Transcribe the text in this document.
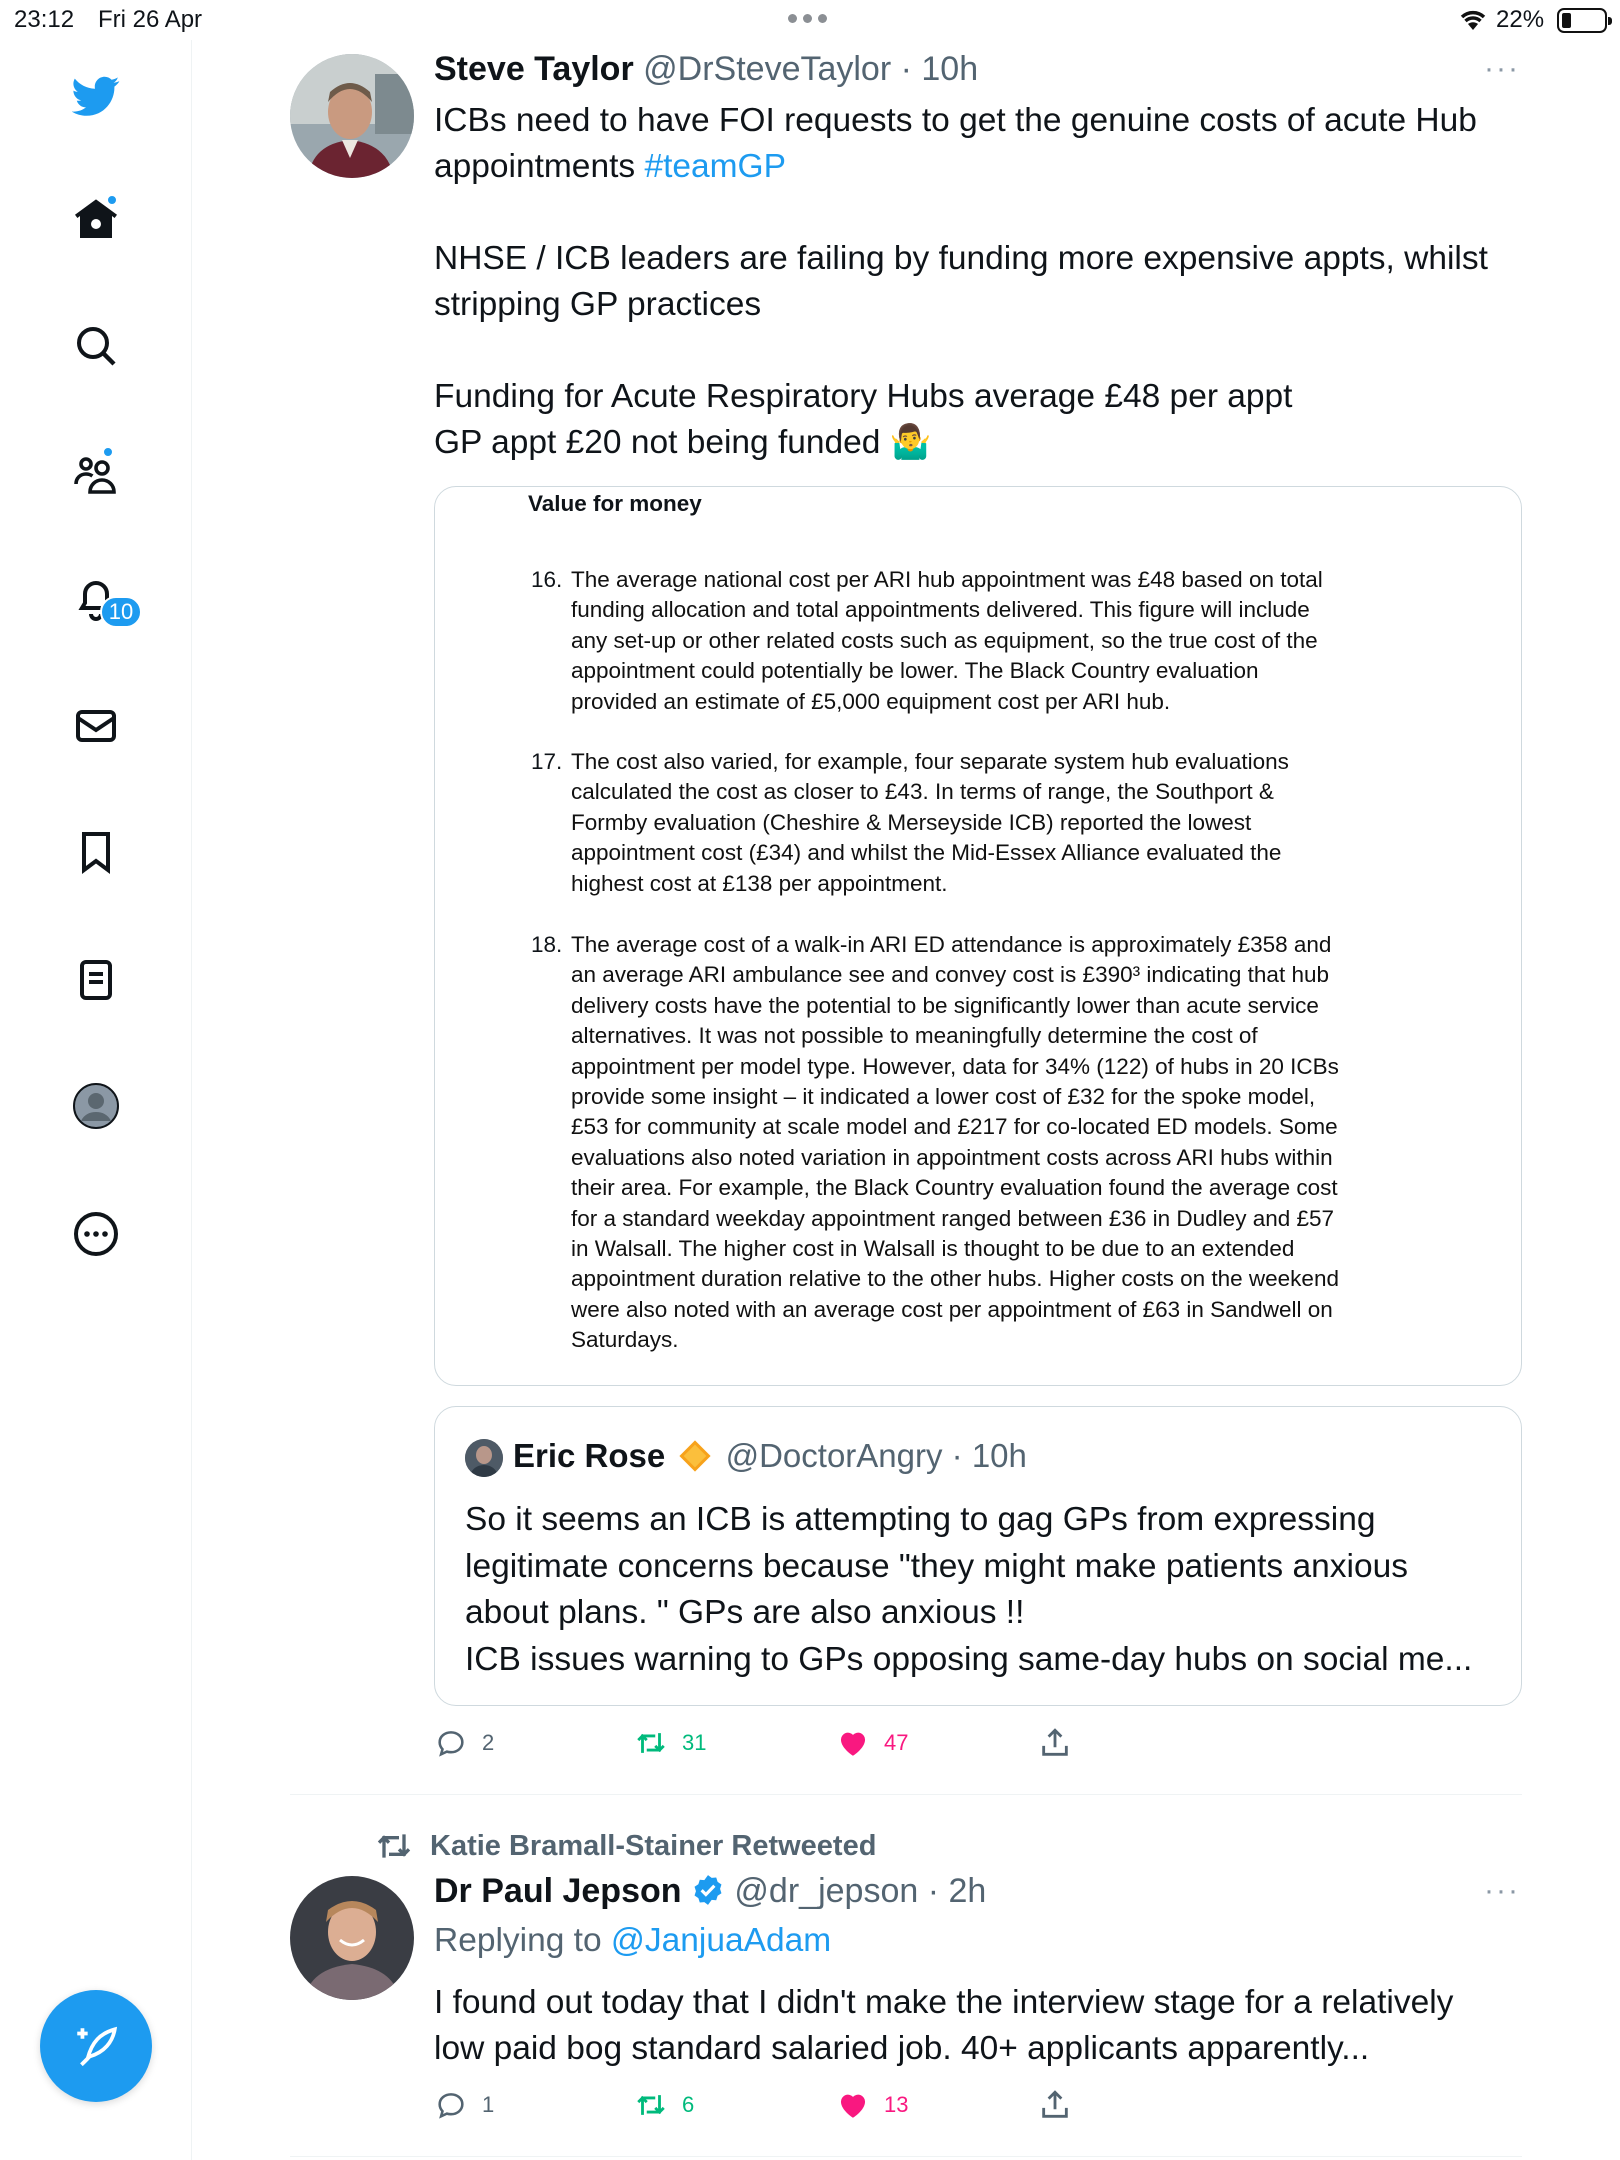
23:12 Fri 26 Apr	22%
10
Steve Taylor @DrSteveTaylor · 10h	···
ICBs need to have FOI requests to get the genuine costs of acute Hub
appointments #teamGP
NHSE / ICB leaders are failing by funding more expensive appts, whilst
stripping GP practices
Funding for Acute Respiratory Hubs average £48 per appt
GP appt £20 not being funded 🤷‍♂️
Value for money
16. The average national cost per ARI hub appointment was £48 based on total
funding allocation and total appointments delivered. This figure will include
any set-up or other related costs such as equipment, so the true cost of the
appointment could potentially be lower. The Black Country evaluation
provided an estimate of £5,000 equipment cost per ARI hub.
17. The cost also varied, for example, four separate system hub evaluations
calculated the cost as closer to £43. In terms of range, the Southport &
Formby evaluation (Cheshire & Merseyside ICB) reported the lowest
appointment cost (£34) and whilst the Mid-Essex Alliance evaluated the
highest cost at £138 per appointment.
18. The average cost of a walk-in ARI ED attendance is approximately £358 and
an average ARI ambulance see and convey cost is £390³ indicating that hub
delivery costs have the potential to be significantly lower than acute service
alternatives. It was not possible to meaningfully determine the cost of
appointment per model type. However, data for 34% (122) of hubs in 20 ICBs
provide some insight – it indicated a lower cost of £32 for the spoke model,
£53 for community at scale model and £217 for co-located ED models. Some
evaluations also noted variation in appointment costs across ARI hubs within
their area. For example, the Black Country evaluation found the average cost
for a standard weekday appointment ranged between £36 in Dudley and £57
in Walsall. The higher cost in Walsall is thought to be due to an extended
appointment duration relative to the other hubs. Higher costs on the weekend
were also noted with an average cost per appointment of £63 in Sandwell on
Saturdays.
Eric Rose @DoctorAngry · 10h
So it seems an ICB is attempting to gag GPs from expressing
legitimate concerns because "they might make patients anxious
about plans. " GPs are also anxious !!
ICB issues warning to GPs opposing same-day hubs on social me...
2	31	47
Katie Bramall-Stainer Retweeted
Dr Paul Jepson @dr_jepson · 2h	···
Replying to @JanjuaAdam
I found out today that I didn't make the interview stage for a relatively
low paid bog standard salaried job. 40+ applicants apparently...
1	6	13
